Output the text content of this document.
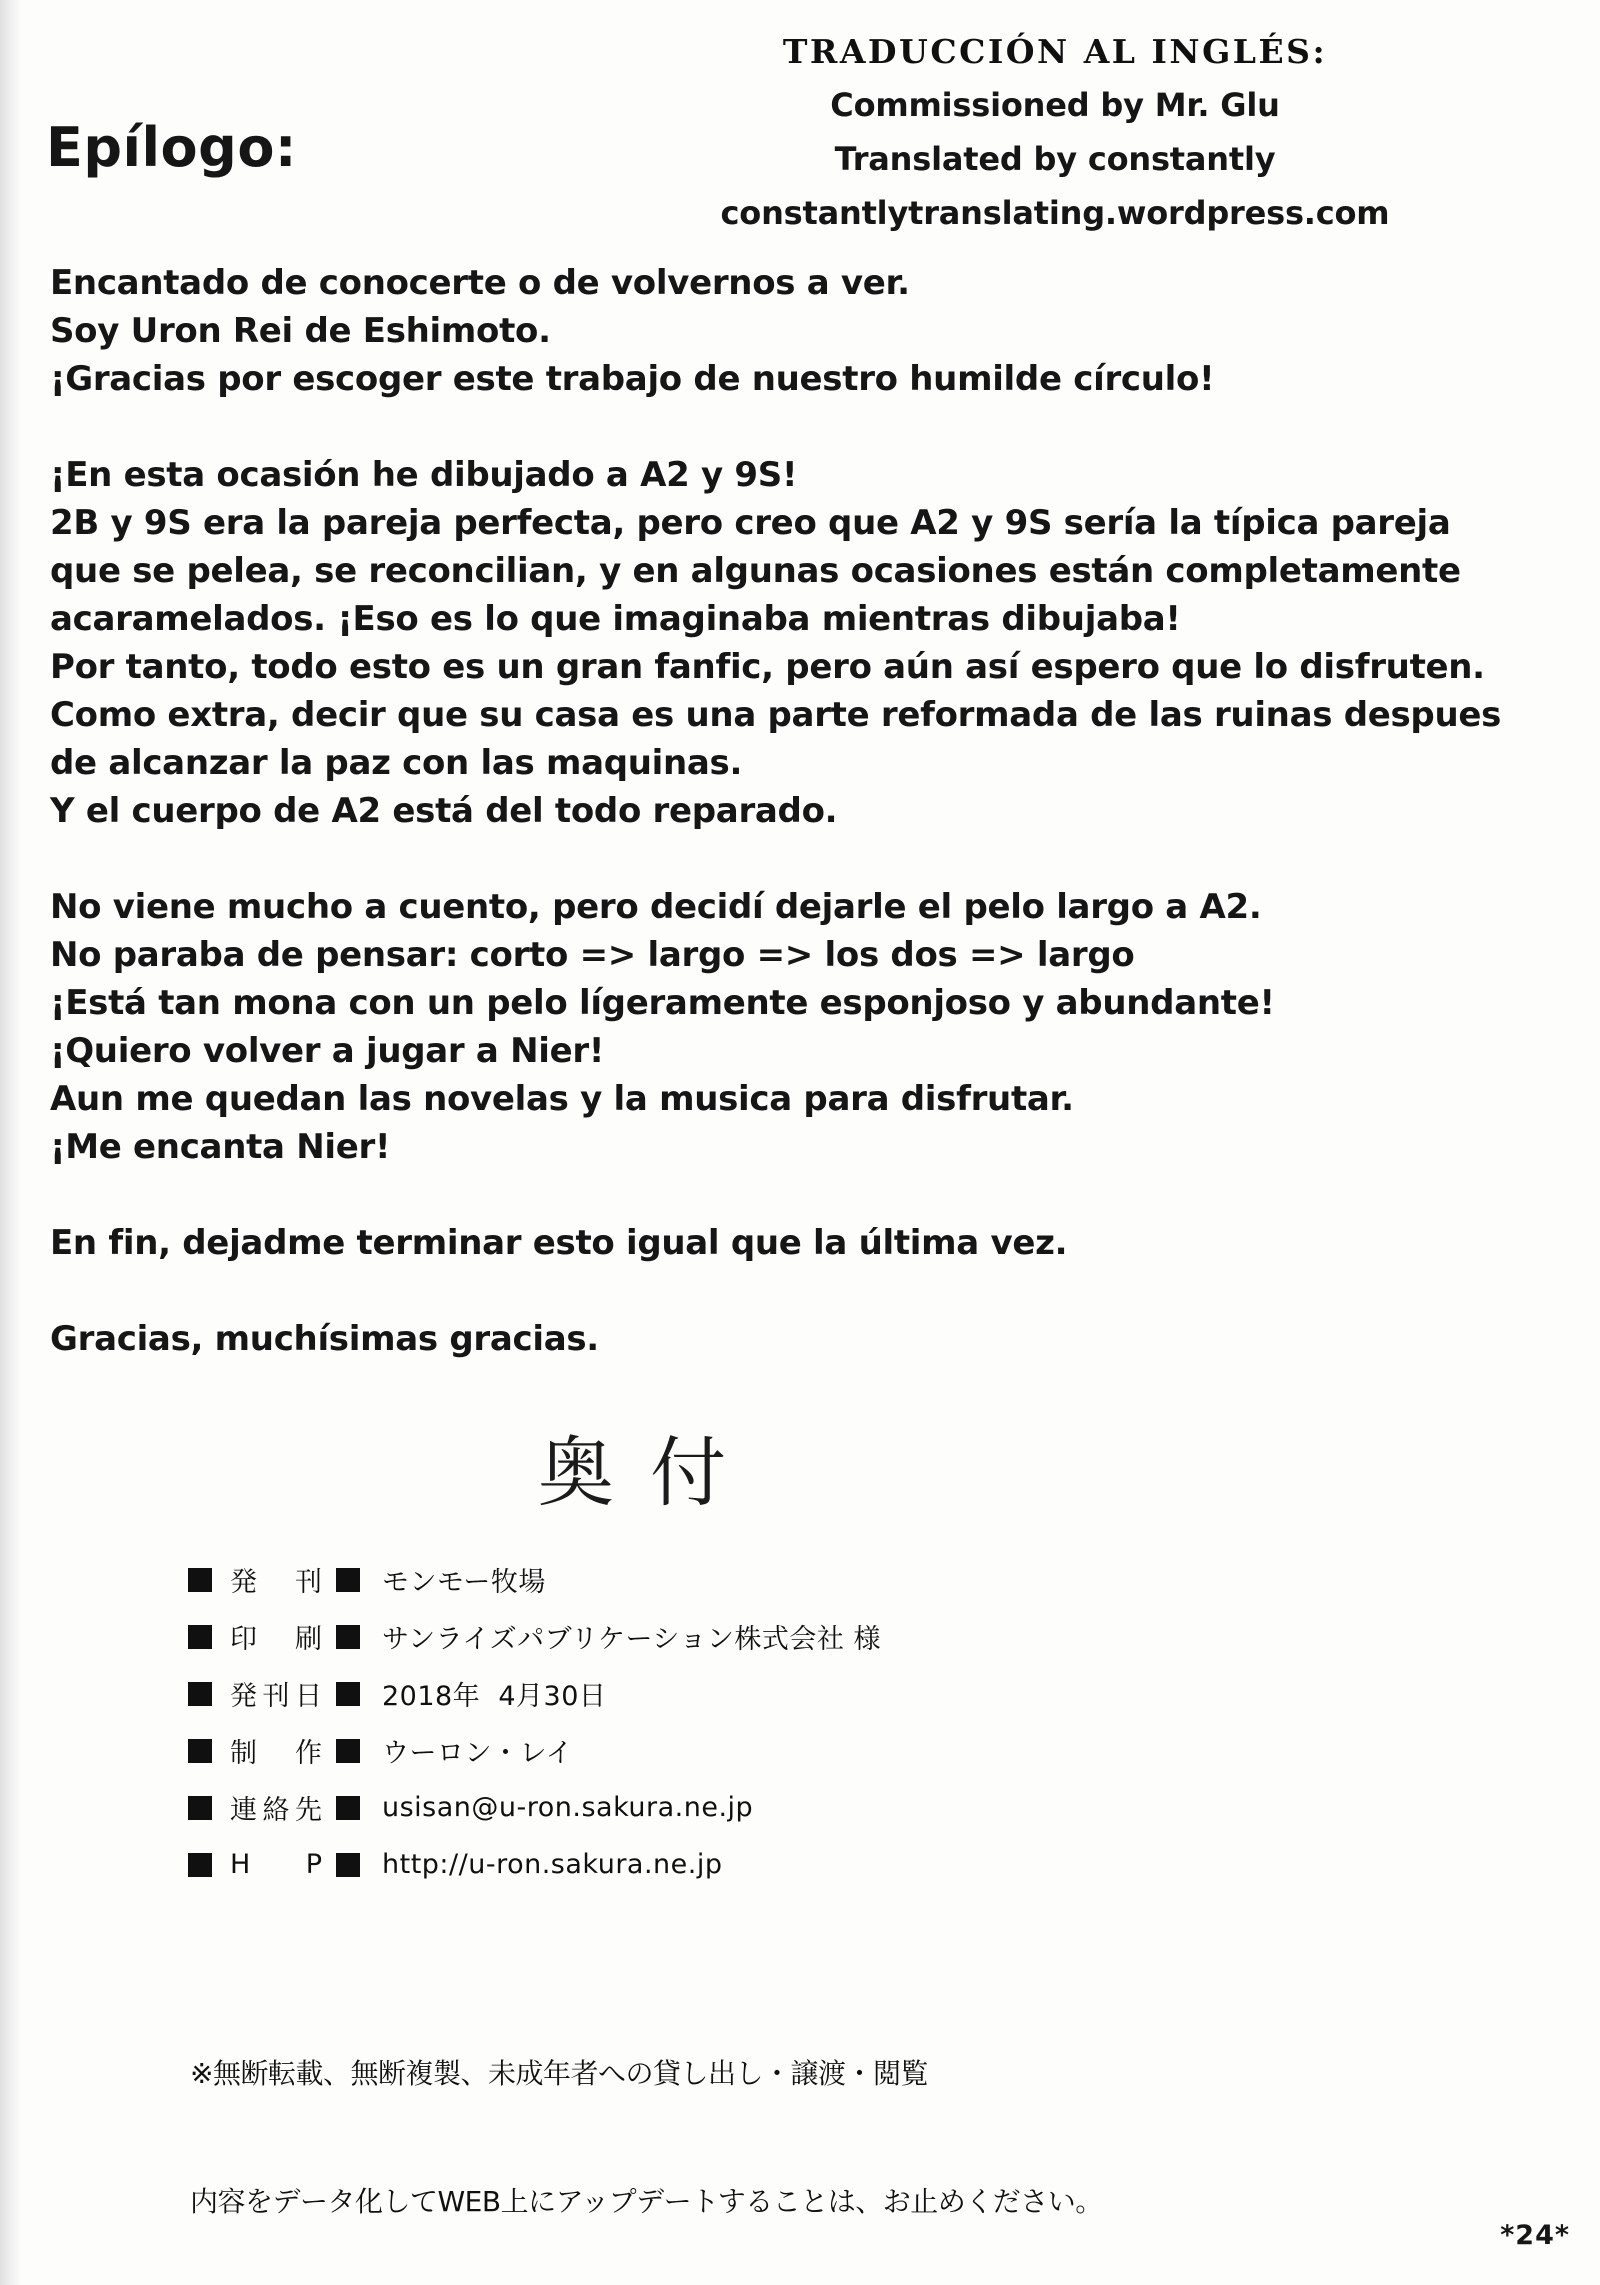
TRADUCCIÓN AL INGLÉS:
Commissioned by Mr. Glu
Translated by constantly
constantlytranslating.wordpress.com
Epílogo:
Encantado de conocerte o de volvernos a ver.
Soy Uron Rei de Eshimoto.
¡Gracias por escoger este trabajo de nuestro humilde círculo!
¡En esta ocasión he dibujado a A2 y 9S!
2B y 9S era la pareja perfecta, pero creo que A2 y 9S sería la típica pareja
que se pelea, se reconcilian, y en algunas ocasiones están completamente
acaramelados. ¡Eso es lo que imaginaba mientras dibujaba!
Por tanto, todo esto es un gran fanfic, pero aún así espero que lo disfruten.
Como extra, decir que su casa es una parte reformada de las ruinas despues
de alcanzar la paz con las maquinas.
Y el cuerpo de A2 está del todo reparado.
No viene mucho a cuento, pero decidí dejarle el pelo largo a A2.
No paraba de pensar: corto => largo => los dos => largo
¡Está tan mona con un pelo lígeramente esponjoso y abundante!
¡Quiero volver a jugar a Nier!
Aun me quedan las novelas y la musica para disfrutar.
¡Me encanta Nier!
En fin, dejadme terminar esto igual que la última vez.
Gracias, muchísimas gracias.
奥 付
発刊 モンモー牧場
印刷 サンライズパブリケーション株式会社 様
発刊日 2018年  4月30日
制作 ウーロン・レイ
連絡先 usisan@u-ron.sakura.ne.jp
H P http://u-ron.sakura.ne.jp

※無断転載、無断複製、未成年者への貸し出し・譲渡・閲覧

内容をデータ化してWEB上にアップデートすることは、お止めください。

*24*
